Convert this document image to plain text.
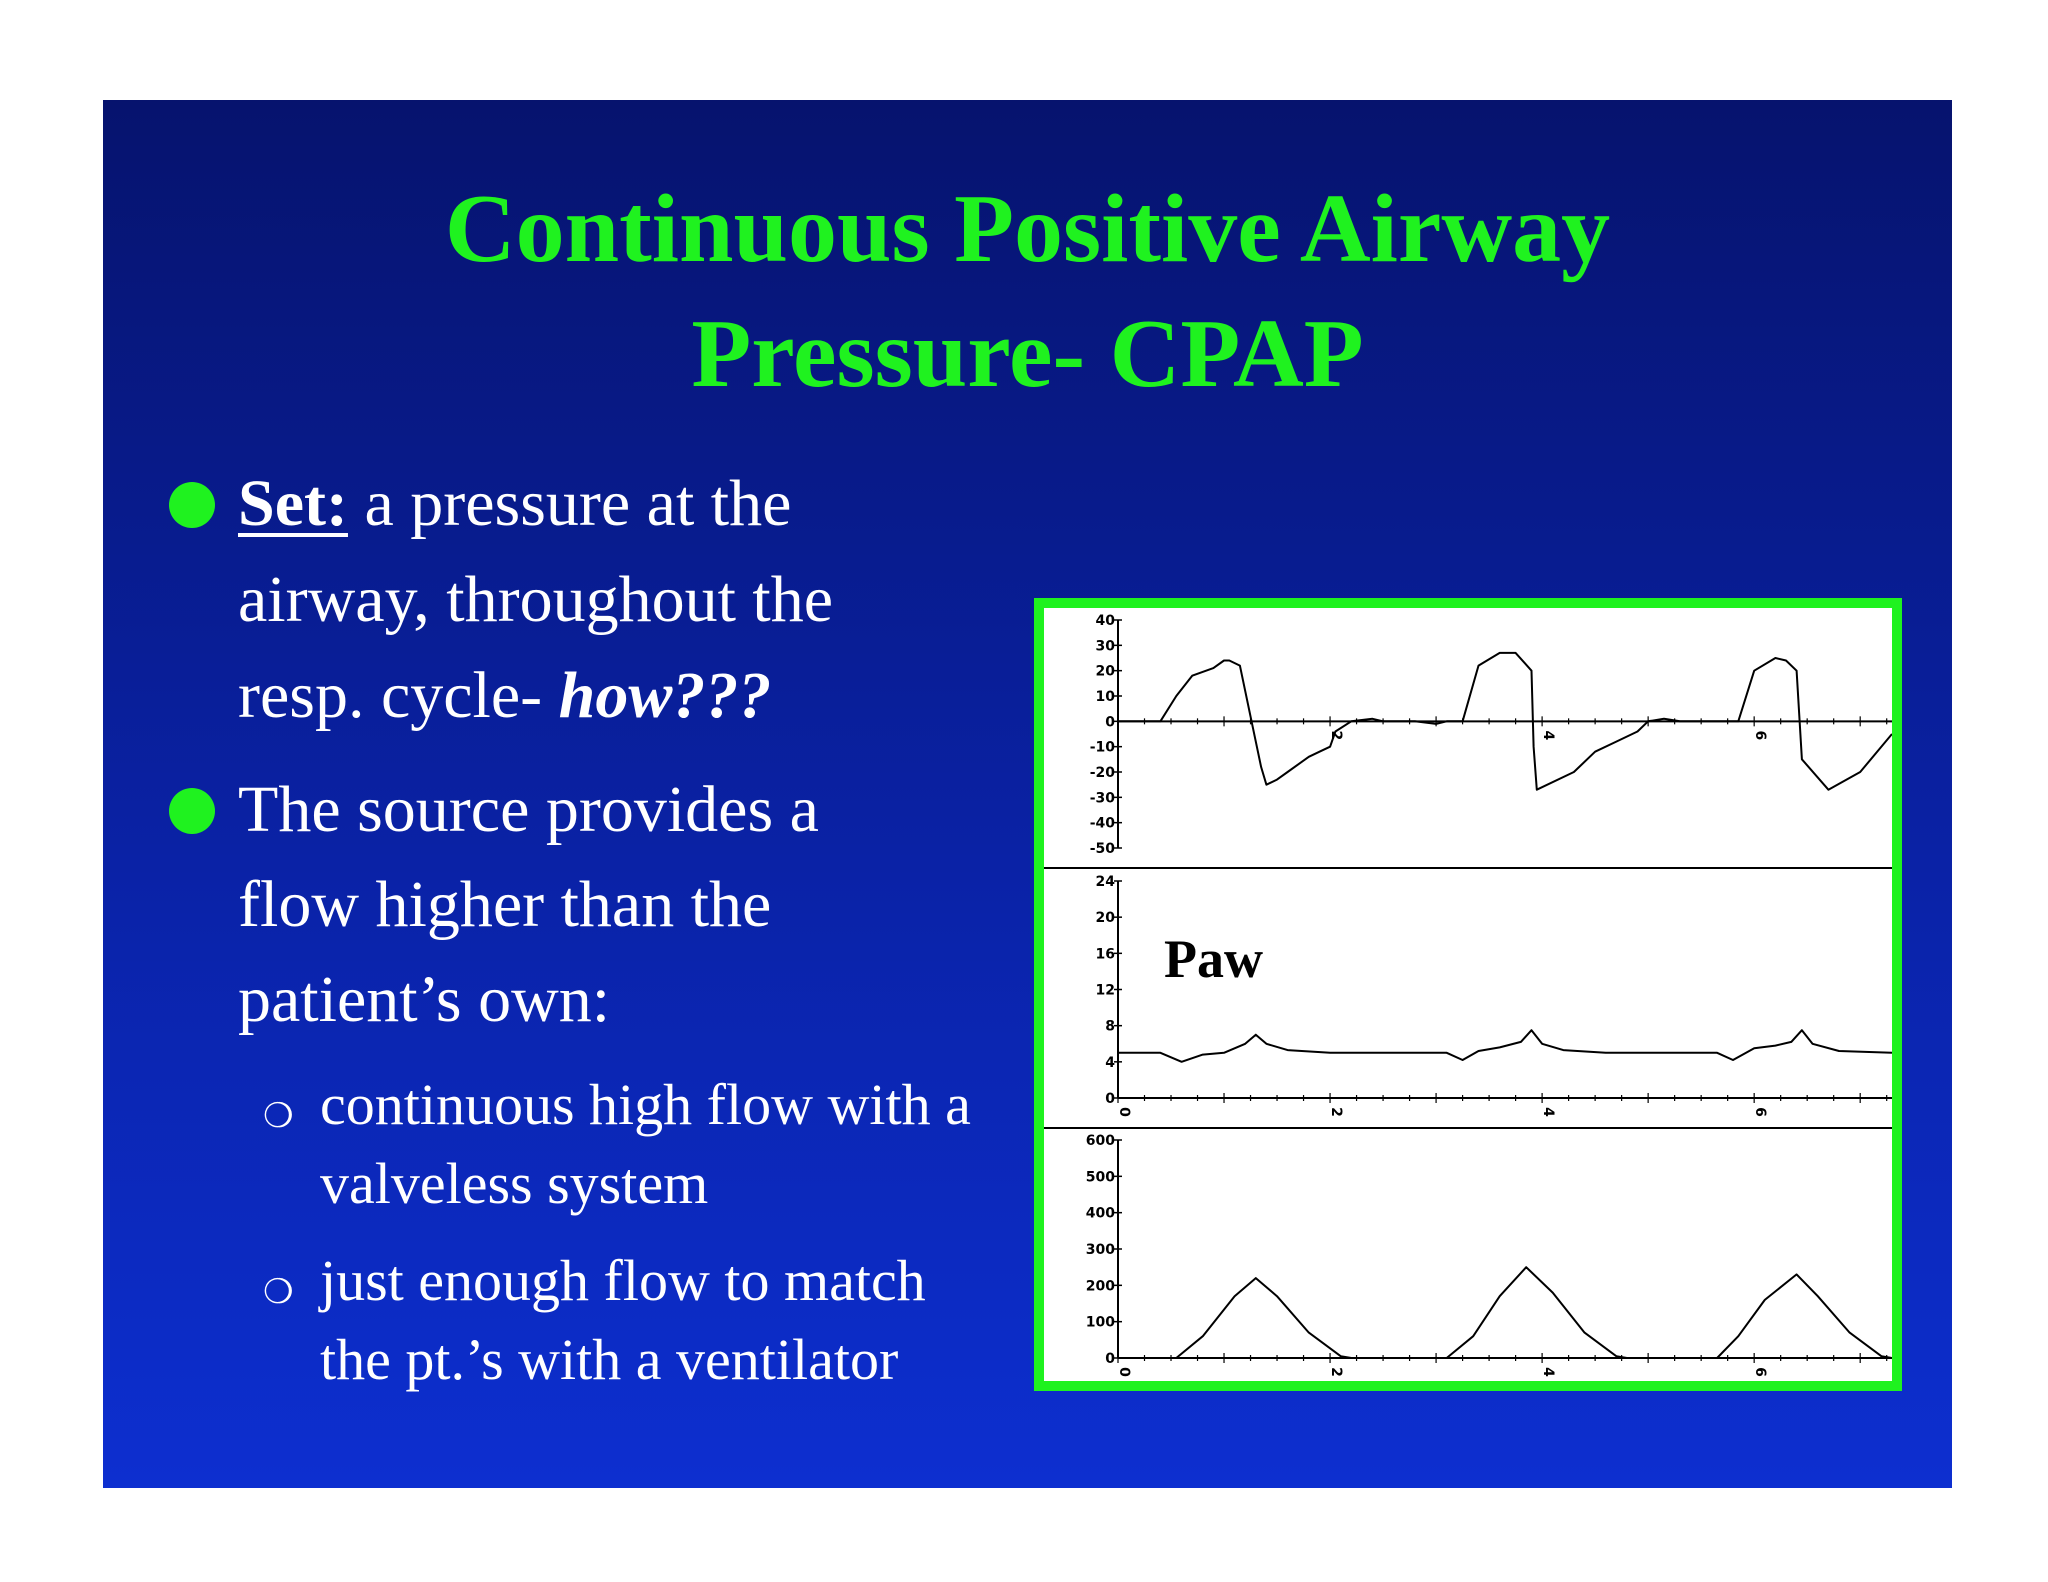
Continuous Positive Airway
Pressure- CPAP
Set: a pressure at the
airway, throughout the
resp. cycle- how???
The source provides a
flow higher than the
patient’s own:
❍ continuous high flow with a
valveless system
❍ just enough flow to match
the pt.’s with a ventilator
40
30
20
10
0
-10
-20
-30
-40
-50
2	4	6
24
20
16
12
8
4
0
0	2	4	6
Paw
600
500
400
300
200
100
0
0	2	4	6
